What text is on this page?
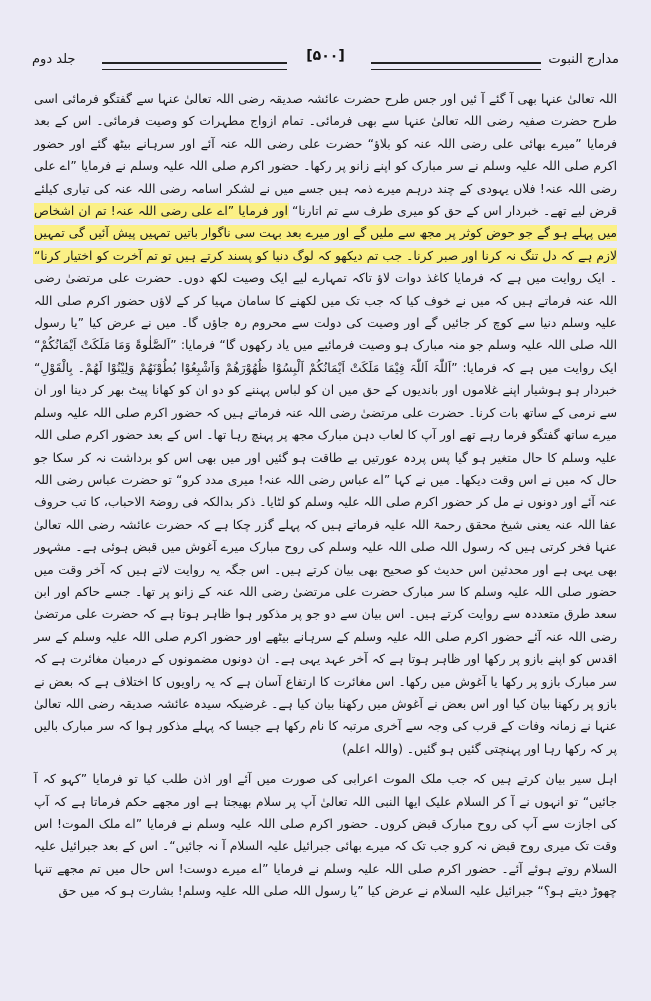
مدارج النبوت
[۵۰۰]
جلد دوم

اللہ تعالیٰ عنہا بھی آ گئے آ ئیں اور جس طرح حضرت عائشہ صدیقہ رضی اللہ تعالیٰ عنہا سے گفتگو فرمائی اسی طرح حضرت صفیہ رضی اللہ تعالیٰ عنہا سے بھی فرمائی۔ تمام ازواج مطہرات کو وصیت فرمائی۔ اس کے بعد فرمایا ”میرے بھائی علی رضی اللہ عنہ کو بلاؤ“ حضرت علی رضی اللہ عنہ آئے اور سرہانے بیٹھ گئے اور حضور اکرم صلی اللہ علیہ وسلم نے سر مبارک کو اپنے زانو پر رکھا۔ حضور اکرم صلی اللہ علیہ وسلم نے فرمایا ”اے علی رضی اللہ عنہ! فلاں یہودی کے چند درہم میرے ذمہ ہیں جسے میں نے لشکر اسامہ رضی اللہ عنہ کی تیاری کیلئے قرض لیے تھے۔ خبردار اس کے حق کو میری طرف سے تم اتارنا“ اور فرمایا ”اے علی رضی اللہ عنہ! تم ان اشخاص میں پہلے ہو گے جو حوض کوثر پر مجھ سے ملیں گے اور میرے بعد بہت سی ناگوار باتیں تمہیں پیش آئیں گی تمہیں لازم ہے کہ دل تنگ نہ کرنا اور صبر کرنا۔ جب تم دیکھو کہ لوگ دنیا کو پسند کرتے ہیں تو تم آخرت کو اختیار کرنا“ ۔ ایک روایت میں ہے کہ فرمایا کاغذ دوات لاؤ تاکہ تمہارے لیے ایک وصیت لکھ دوں۔ حضرت علی مرتضیٰ رضی اللہ عنہ فرماتے ہیں کہ میں نے خوف کیا کہ جب تک میں لکھنے کا سامان مہیا کر کے لاؤں حضور اکرم صلی اللہ علیہ وسلم دنیا سے کوچ کر جائیں گے اور وصیت کی دولت سے محروم رہ جاؤں گا۔ میں نے عرض کیا ”یا رسول اللہ صلی اللہ علیہ وسلم جو منہ مبارک ہو وصیت فرمائیے میں یاد رکھوں گا“ فرمایا: ”اَلصَّلٰوۃَ وَمَا مَلَکَتْ اَیْمَانُکُمْ“ ایک روایت میں ہے کہ فرمایا: ”اَللّٰہَ اَللّٰہَ فِیْمَا مَلَکَتْ اَیْمَانُکُمْ اَلْبِسُوْا ظُھُوْرَھُمْ وَاَشْبِعُوْا بُطُوْنَھُمْ وَلِیْنُوْا لَھُمْ۔ بِالْقَوْلِ“ خبردار ہو ہوشیار اپنے غلاموں اور باندیوں کے حق میں ان کو لباس پہننے کو دو ان کو کھانا پیٹ بھر کر دینا اور ان سے نرمی کے ساتھ بات کرنا۔ حضرت علی مرتضیٰ رضی اللہ عنہ فرماتے ہیں کہ حضور اکرم صلی اللہ علیہ وسلم میرے ساتھ گفتگو فرما رہے تھے اور آپ کا لعاب دہن مبارک مجھ پر پہنچ رہا تھا۔ اس کے بعد حضور اکرم صلی اللہ علیہ وسلم کا حال متغیر ہو گیا پس پردہ عورتیں بے طاقت ہو گئیں اور میں بھی اس کو برداشت نہ کر سکا جو حال کہ میں نے اس وقت دیکھا۔ میں نے کہا ”اے عباس رضی اللہ عنہ! میری مدد کرو“ تو حضرت عباس رضی اللہ عنہ آئے اور دونوں نے مل کر حضور اکرم صلی اللہ علیہ وسلم کو لٹایا۔ ذکر بدالکہ فی روضۃ الاحباب، کا تب حروف عفا اللہ عنہ یعنی شیخ محقق رحمۃ اللہ علیہ فرماتے ہیں کہ پہلے گزر چکا ہے کہ حضرت عائشہ رضی اللہ تعالیٰ عنہا فخر کرتی ہیں کہ رسول اللہ صلی اللہ علیہ وسلم کی روح مبارک میرے آغوش میں قبض ہوئی ہے۔ مشہور بھی یہی ہے اور محدثین اس حدیث کو صحیح بھی بیان کرتے ہیں۔ اس جگہ یہ روایت لاتے ہیں کہ آخر وقت میں حضور صلی اللہ علیہ وسلم کا سر مبارک حضرت علی مرتضیٰ رضی اللہ عنہ کے زانو پر تھا۔ جسے حاکم اور ابن سعد طرق متعددہ سے روایت کرتے ہیں۔ اس بیان سے دو جو پر مذکور ہوا ظاہر ہوتا ہے کہ حضرت علی مرتضیٰ رضی اللہ عنہ آئے حضور اکرم صلی اللہ علیہ وسلم کے سرہانے بیٹھے اور حضور اکرم صلی اللہ علیہ وسلم کے سر اقدس کو اپنے بازو پر رکھا اور ظاہر ہوتا ہے کہ آخر عہد یہی ہے۔ ان دونوں مضمونوں کے درمیان مغائرت ہے کہ سر مبارک بازو پر رکھا یا آغوش میں رکھا۔ اس مغائرت کا ارتفاع آسان ہے کہ یہ راویوں کا اختلاف ہے کہ بعض نے بازو پر رکھنا بیان کیا اور اس بعض نے آغوش میں رکھنا بیان کیا ہے۔ غرضیکہ سیدہ عائشہ صدیقہ رضی اللہ تعالیٰ عنہا نے زمانہ وفات کے قرب کی وجہ سے آخری مرتبہ کا نام رکھا ہے جیسا کہ پہلے مذکور ہوا کہ سر مبارک بالیں پر کہ رکھا رہا اور پہنچتی گئیں ہو گئیں۔ (واللہ اعلم)

اہل سیر بیان کرتے ہیں کہ جب ملک الموت اعرابی کی صورت میں آئے اور اذن طلب کیا تو فرمایا ”کہو کہ آ جائیں“ تو انہوں نے آ کر السلام علیک ایھا النبی اللہ تعالیٰ آپ پر سلام بھیجتا ہے اور مجھے حکم فرماتا ہے کہ آپ کی اجازت سے آپ کی روح مبارک قبض کروں۔ حضور اکرم صلی اللہ علیہ وسلم نے فرمایا ”اے ملک الموت! اس وقت تک میری روح قبض نہ کرو جب تک کہ میرے بھائی جبرائیل علیہ السلام آ نہ جائیں“۔ اس کے بعد جبرائیل علیہ السلام روتے ہوئے آئے۔ حضور اکرم صلی اللہ علیہ وسلم نے فرمایا ”اے میرے دوست! اس حال میں تم مجھے تنہا چھوڑ دیتے ہو؟“ جبرائیل علیہ السلام نے عرض کیا ”یا رسول اللہ صلی اللہ علیہ وسلم! بشارت ہو کہ میں حق
